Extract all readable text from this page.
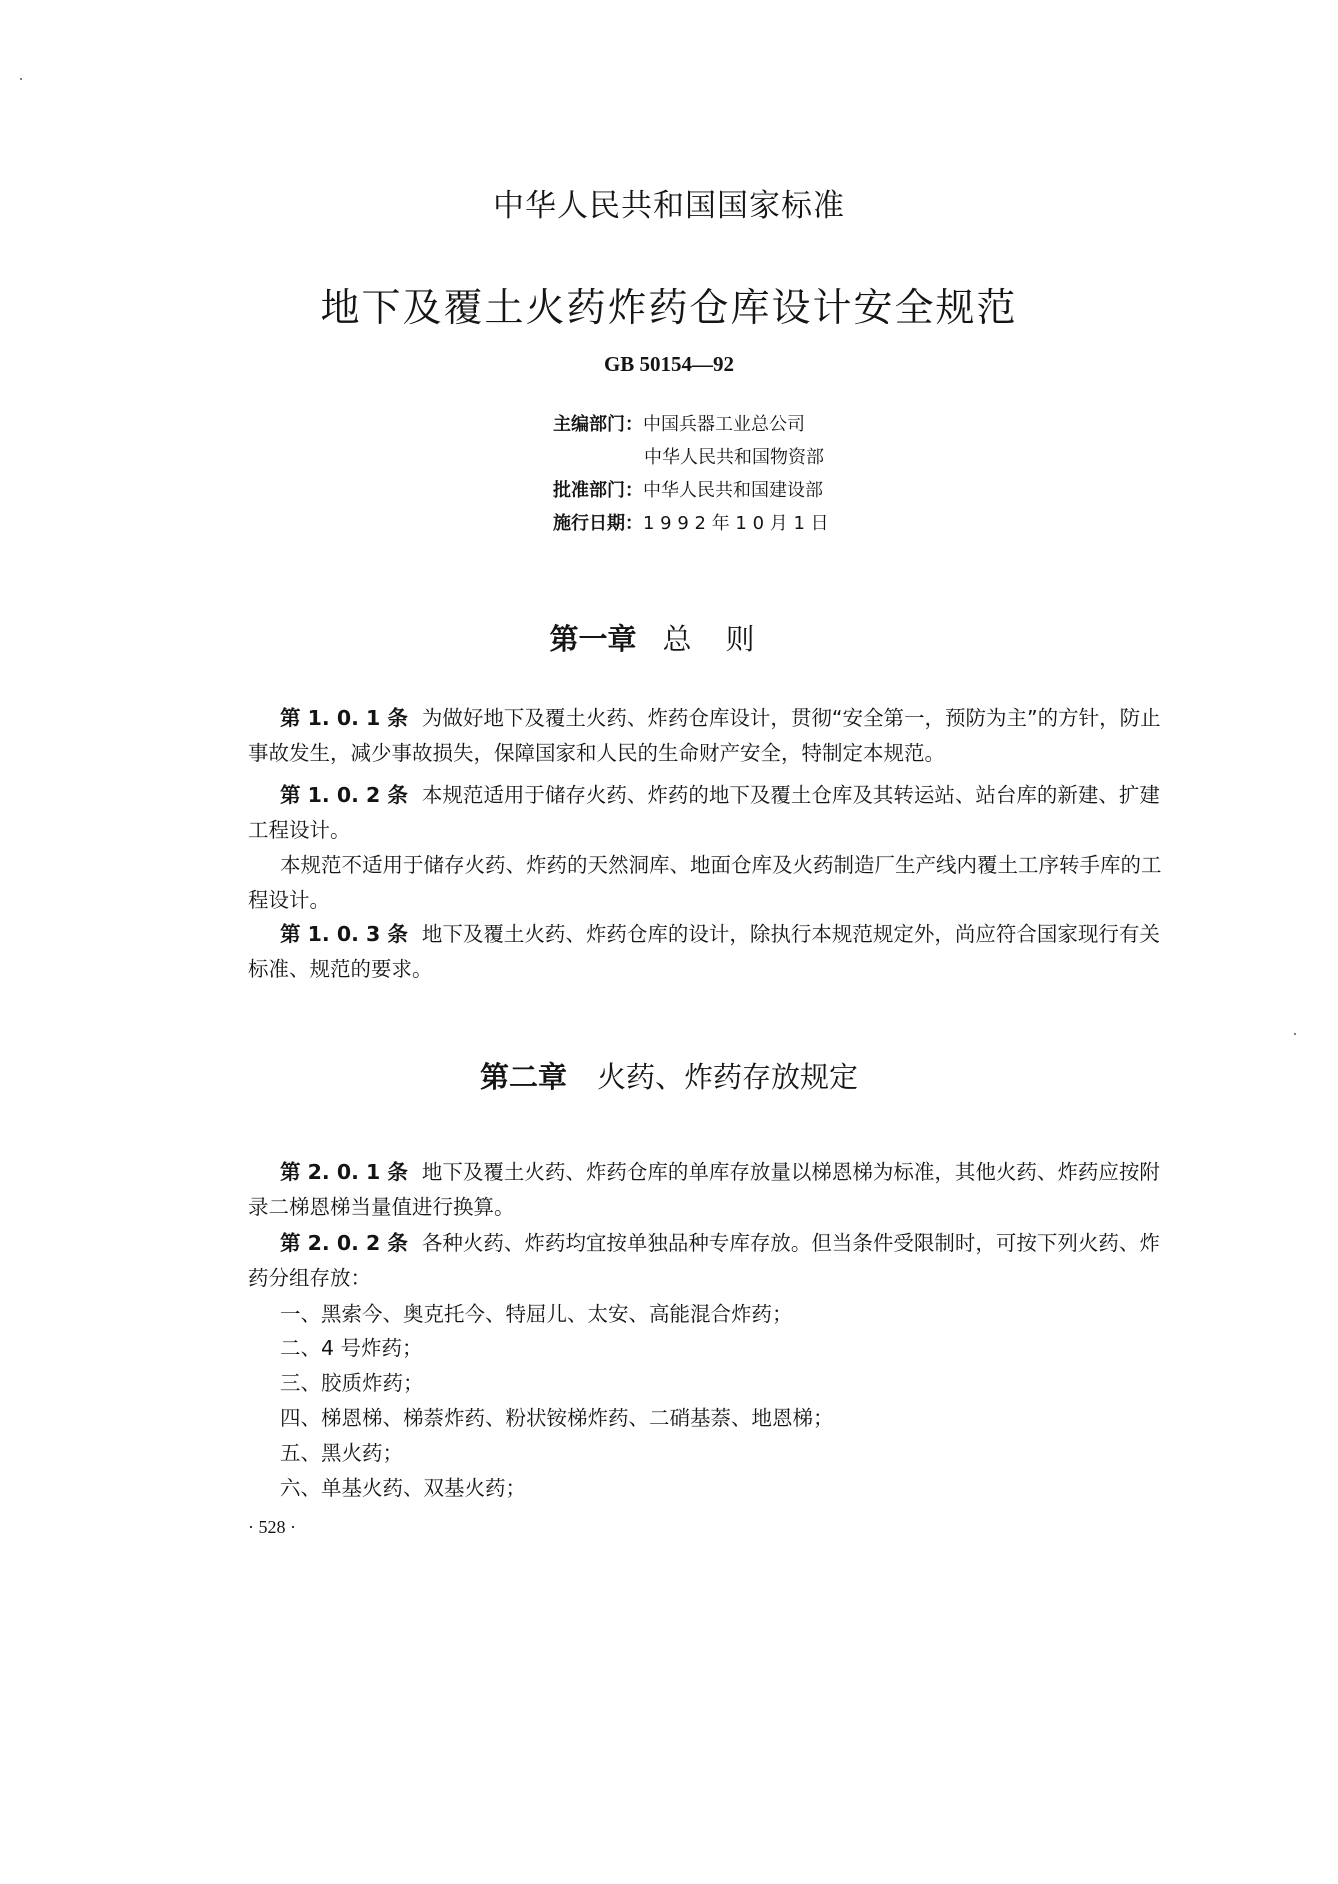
中华人民共和国国家标准
地下及覆土火药炸药仓库设计安全规范
GB 50154—92
主编部门：中国兵器工业总公司
中华人民共和国物资部
批准部门：中华人民共和国建设部
施行日期：1 9 9 2 年 1 0 月 1 日
第一章 总则
第 1. 0. 1 条 为做好地下及覆土火药、炸药仓库设计，贯彻“安全第一，预防为主”的方针，防止事故发生，减少事故损失，保障国家和人民的生命财产安全，特制定本规范。
第 1. 0. 2 条 本规范适用于储存火药、炸药的地下及覆土仓库及其转运站、站台库的新建、扩建工程设计。
本规范不适用于储存火药、炸药的天然洞库、地面仓库及火药制造厂生产线内覆土工序转手库的工程设计。
第 1. 0. 3 条 地下及覆土火药、炸药仓库的设计，除执行本规范规定外，尚应符合国家现行有关标准、规范的要求。
第二章 火药、炸药存放规定
第 2. 0. 1 条 地下及覆土火药、炸药仓库的单库存放量以梯恩梯为标准，其他火药、炸药应按附录二梯恩梯当量值进行换算。
第 2. 0. 2 条 各种火药、炸药均宜按单独品种专库存放。但当条件受限制时，可按下列火药、炸药分组存放：
一、黑索今、奥克托今、特屈儿、太安、高能混合炸药；
二、4 号炸药；
三、胶质炸药；
四、梯恩梯、梯萘炸药、粉状铵梯炸药、二硝基萘、地恩梯；
五、黑火药；
六、单基火药、双基火药；
· 528 ·
